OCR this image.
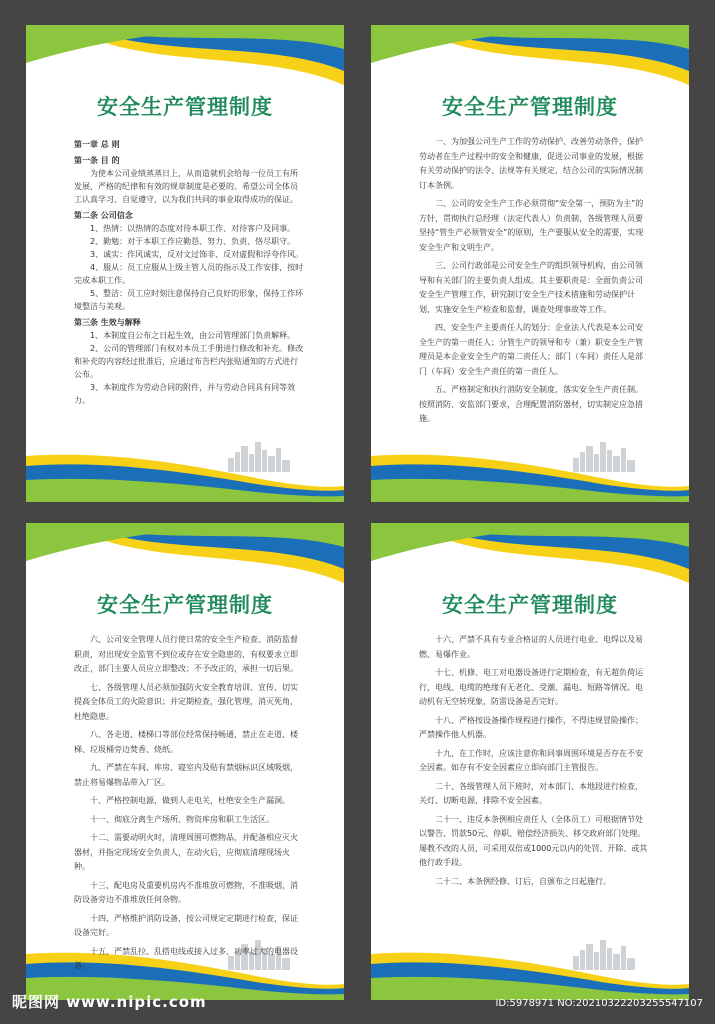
安全生产管理制度

第一章 总 则

第一条 目 的

为使本公司业绩蒸蒸日上，从而造就机会给每一位员工有所发展，严格的纪律和有效的规章制度是必要的。希望公司全体员工认真学习、自觉遵守，以为我们共同的事业取得成功的保证。

第二条 公司信念

1、热情：以热情的态度对待本职工作、对待客户及同事。

2、勤勉：对于本职工作应勤恳、努力、负责、恪尽职守。

3、诚实：作风诚实，反对文过饰非、反对虚假和浮夸作风。

4、服从：员工应服从上级主管人员的指示及工作安排，按时完成本职工作。

5、整洁：员工应时刻注意保持自己良好的形象，保持工作环境整洁与美观。

第三条 生效与解释

1、本制度自公布之日起生效，由公司管理部门负责解释。

2、公司的管理部门有权对本员工手册进行修改和补充。修改和补充的内容经过批准后，应通过布告栏内张贴通知的方式进行公布。

3、本制度作为劳动合同的附件，并与劳动合同具有同等效力。

安全生产管理制度

一、为加强公司生产工作的劳动保护、改善劳动条件，保护劳动者在生产过程中的安全和健康，促进公司事业的发展，根据有关劳动保护的法令、法规等有关规定，结合公司的实际情况制订本条例。

二、公司的安全生产工作必须贯彻“安全第一，预防为主”的方针，贯彻执行总经理（法定代表人）负责制，各级管理人员要坚持“管生产必须管安全”的原则，生产要服从安全的需要，实现安全生产和文明生产。

三、公司行政部是公司安全生产的组织领导机构，由公司领导和有关部门的主要负责人组成。其主要职责是：全面负责公司安全生产管理工作，研究制订安全生产技术措施和劳动保护计划，实施安全生产检查和监督，调查处理事故等工作。

四、安全生产主要责任人的划分：企业法人代表是本公司安全生产的第一责任人；分管生产的领导和专（兼）职安全生产管理员是本企业安全生产的第二责任人；部门（车间）责任人是部门（车间）安全生产责任的第一责任人。

五、严格制定和执行消防安全制度，落实安全生产责任制。按照消防、安监部门要求，合理配置消防器材，切实制定应急措施。

安全生产管理制度

六、公司安全管理人员行使日常的安全生产检查、消防监督职责，对出现安全监管不到位或存在安全隐患的，有权要求立即改正，部门主要人员应立即整改；不予改正的，承担一切后果。

七、各级管理人员必须加强防火安全教育培训、宣传、切实提高全体员工的火险意识；并定期检查，强化管理，消灭死角，杜绝隐患。

八、各走道、楼梯口等部位经常保持畅通，禁止在走道、楼梯、垃圾桶旁边焚香、烧纸。

九、严禁在车间、库房、寝室内及贴有禁烟标识区域吸烟，禁止将易爆物品带入厂区。

十、严格控制电源，做到人走电关，杜绝安全生产漏洞。

十一、彻底分离生产场所、物资库房和职工生活区。

十二、需要动明火时，清理周围可燃物品，并配备相应灭火器材，并指定现场安全负责人，在动火后，应彻底清理现场火种。

十三、配电房及重要机房内不准堆放可燃物，不准吸烟，消防设备旁边不准堆放任何杂物。

十四、严格维护消防设备，按公司规定定期进行检查，保证设备完好。

十五、严禁乱拉、乱搭电线或接入过多、功率过大的电器设备。

安全生产管理制度

十六、严禁不具有专业合格证的人员进行电业、电焊以及易燃、易爆作业。

十七、机修、电工对电器设备进行定期检查，有无超负荷运行，电线、电缆的绝缘有无老化、受潮、漏电、短路等情况。电动机有无空转现象，防雷设备是否完好。

十八、严格按设备操作规程进行操作，不得违规冒险操作；严禁操作他人机器。

十九、在工作时，应该注意你和同事周围环境是否存在不安全因素。如存有不安全因素应立即向部门主管报告。

二十、各级管理人员下班时，对本部门、本地段进行检查，关灯、切断电源，排除不安全因素。

二十一、违反本条例相应责任人（全体员工）可根据情节处以警告、罚款50元、停职、赔偿经济损失、移交政府部门处理。屡教不改的人员，可采用双倍或1000元以内的处罚、开除、或其他行政手段。

二十二、本条例经修、订后，自颁布之日起施行。

昵图网 www.nipic.com	ID:5978971 NO:20210322203255547107
